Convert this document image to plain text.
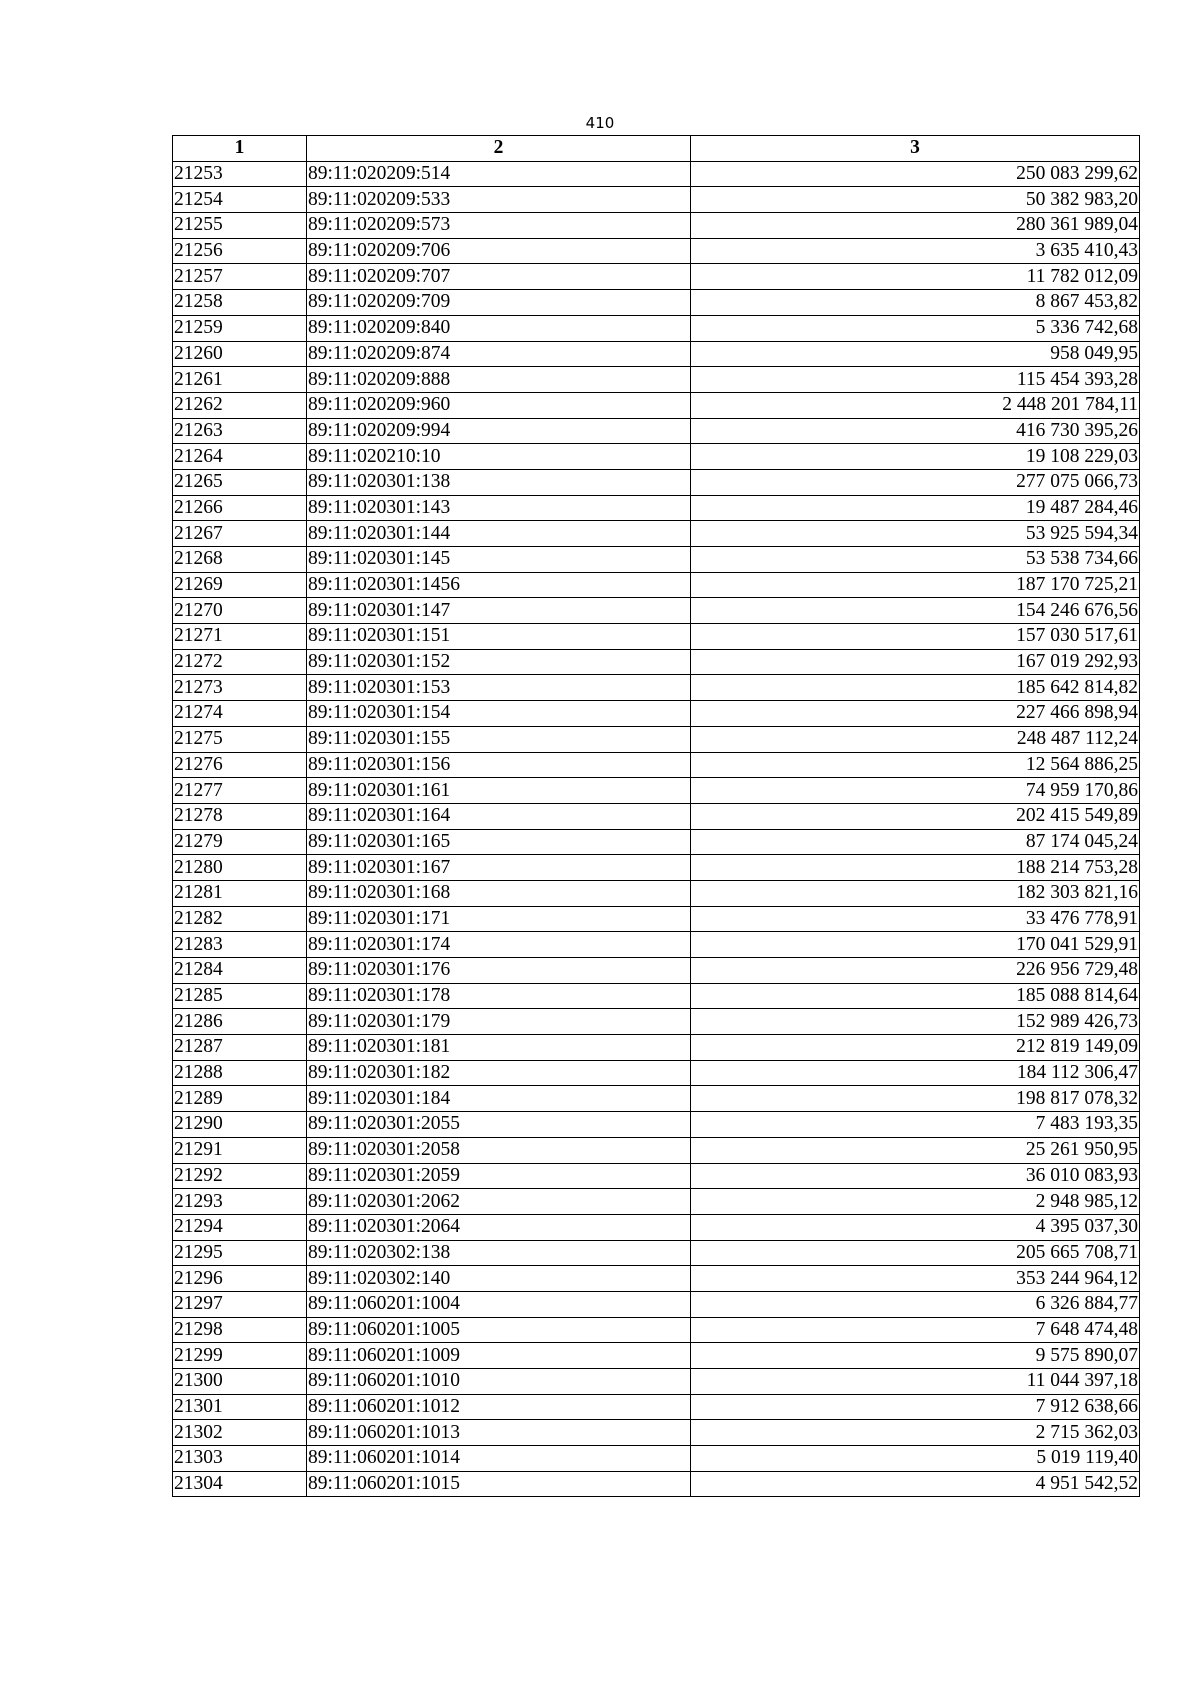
410
1	2	3
21253	89:11:020209:514	250 083 299,62
21254	89:11:020209:533	50 382 983,20
21255	89:11:020209:573	280 361 989,04
21256	89:11:020209:706	3 635 410,43
21257	89:11:020209:707	11 782 012,09
21258	89:11:020209:709	8 867 453,82
21259	89:11:020209:840	5 336 742,68
21260	89:11:020209:874	958 049,95
21261	89:11:020209:888	115 454 393,28
21262	89:11:020209:960	2 448 201 784,11
21263	89:11:020209:994	416 730 395,26
21264	89:11:020210:10	19 108 229,03
21265	89:11:020301:138	277 075 066,73
21266	89:11:020301:143	19 487 284,46
21267	89:11:020301:144	53 925 594,34
21268	89:11:020301:145	53 538 734,66
21269	89:11:020301:1456	187 170 725,21
21270	89:11:020301:147	154 246 676,56
21271	89:11:020301:151	157 030 517,61
21272	89:11:020301:152	167 019 292,93
21273	89:11:020301:153	185 642 814,82
21274	89:11:020301:154	227 466 898,94
21275	89:11:020301:155	248 487 112,24
21276	89:11:020301:156	12 564 886,25
21277	89:11:020301:161	74 959 170,86
21278	89:11:020301:164	202 415 549,89
21279	89:11:020301:165	87 174 045,24
21280	89:11:020301:167	188 214 753,28
21281	89:11:020301:168	182 303 821,16
21282	89:11:020301:171	33 476 778,91
21283	89:11:020301:174	170 041 529,91
21284	89:11:020301:176	226 956 729,48
21285	89:11:020301:178	185 088 814,64
21286	89:11:020301:179	152 989 426,73
21287	89:11:020301:181	212 819 149,09
21288	89:11:020301:182	184 112 306,47
21289	89:11:020301:184	198 817 078,32
21290	89:11:020301:2055	7 483 193,35
21291	89:11:020301:2058	25 261 950,95
21292	89:11:020301:2059	36 010 083,93
21293	89:11:020301:2062	2 948 985,12
21294	89:11:020301:2064	4 395 037,30
21295	89:11:020302:138	205 665 708,71
21296	89:11:020302:140	353 244 964,12
21297	89:11:060201:1004	6 326 884,77
21298	89:11:060201:1005	7 648 474,48
21299	89:11:060201:1009	9 575 890,07
21300	89:11:060201:1010	11 044 397,18
21301	89:11:060201:1012	7 912 638,66
21302	89:11:060201:1013	2 715 362,03
21303	89:11:060201:1014	5 019 119,40
21304	89:11:060201:1015	4 951 542,52
